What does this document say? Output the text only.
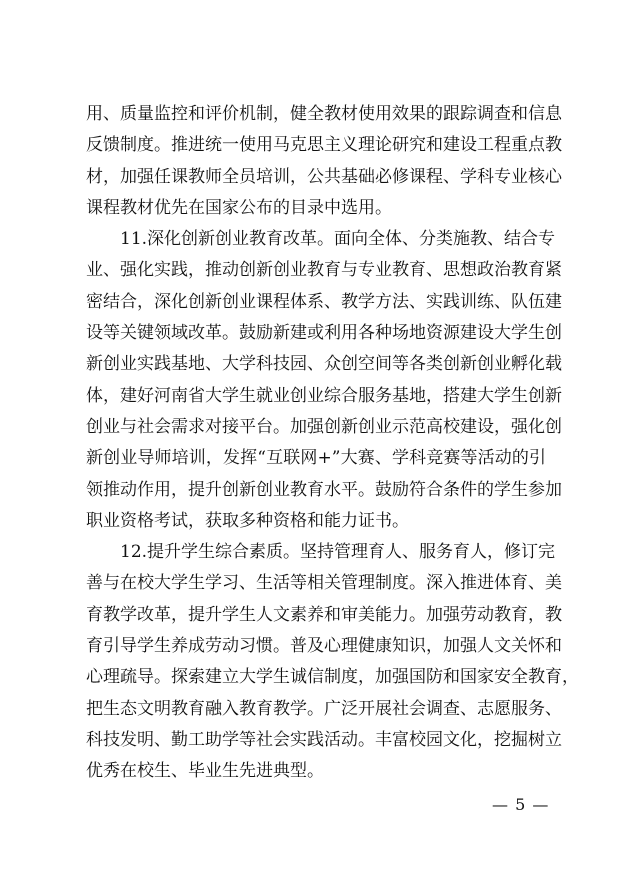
用、质量监控和评价机制，健全教材使用效果的跟踪调查和信息
反馈制度。推进统一使用马克思主义理论研究和建设工程重点教
材，加强任课教师全员培训，公共基础必修课程、学科专业核心
课程教材优先在国家公布的目录中选用。
11.深化创新创业教育改革。面向全体、分类施教、结合专
业、强化实践，推动创新创业教育与专业教育、思想政治教育紧
密结合，深化创新创业课程体系、教学方法、实践训练、队伍建
设等关键领域改革。鼓励新建或利用各种场地资源建设大学生创
新创业实践基地、大学科技园、众创空间等各类创新创业孵化载
体，建好河南省大学生就业创业综合服务基地，搭建大学生创新
创业与社会需求对接平台。加强创新创业示范高校建设，强化创
新创业导师培训，发挥“互联网+”大赛、学科竞赛等活动的引
领推动作用，提升创新创业教育水平。鼓励符合条件的学生参加
职业资格考试，获取多种资格和能力证书。
12.提升学生综合素质。坚持管理育人、服务育人，修订完
善与在校大学生学习、生活等相关管理制度。深入推进体育、美
育教学改革，提升学生人文素养和审美能力。加强劳动教育，教
育引导学生养成劳动习惯。普及心理健康知识，加强人文关怀和
心理疏导。探索建立大学生诚信制度，加强国防和国家安全教育，
把生态文明教育融入教育教学。广泛开展社会调查、志愿服务、
科技发明、勤工助学等社会实践活动。丰富校园文化，挖掘树立
优秀在校生、毕业生先进典型。
— 5 —
